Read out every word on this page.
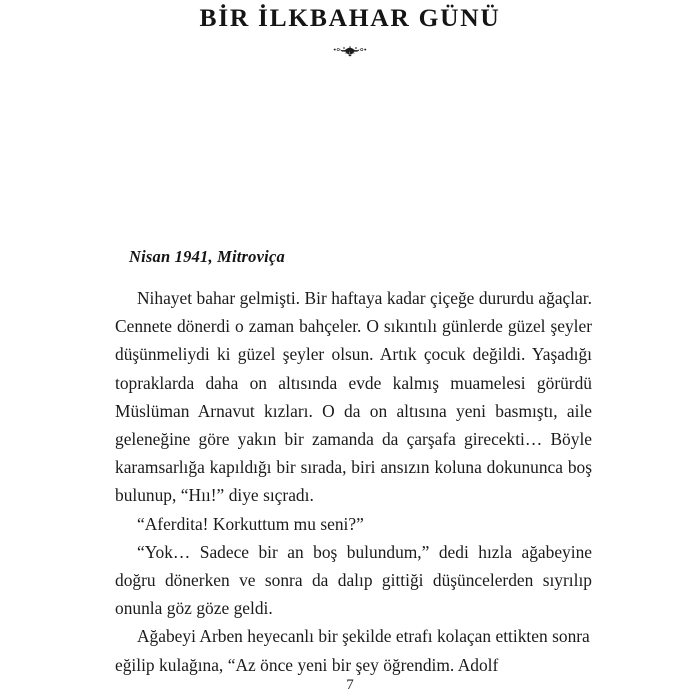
BİR İLKBAHAR GÜNÜ
Nisan 1941, Mitroviça

Nihayet bahar gelmişti. Bir haftaya kadar çiçeğe dururdu ağaçlar. Cennete dönerdi o zaman bahçeler. O sıkıntılı günlerde güzel şeyler düşünmeliydi ki güzel şeyler olsun. Artık çocuk değildi. Yaşadığı topraklarda daha on altısında evde kalmış muamelesi görürdü Müslüman Arnavut kızları. O da on altısına yeni basmıştı, aile geleneğine göre yakın bir zamanda da çarşafa girecekti… Böyle karamsarlığa kapıldığı bir sırada, biri ansızın koluna dokununca boş bulunup, “Hıı!” diye sıçradı.

“Aferdita! Korkuttum mu seni?”

“Yok… Sadece bir an boş bulundum,” dedi hızla ağabeyine doğru dönerken ve sonra da dalıp gittiği düşüncelerden sıyrılıp onunla göz göze geldi.

Ağabeyi Arben heyecanlı bir şekilde etrafı kolaçan ettikten sonra eğilip kulağına, “Az önce yeni bir şey öğrendim. Adolf

7
